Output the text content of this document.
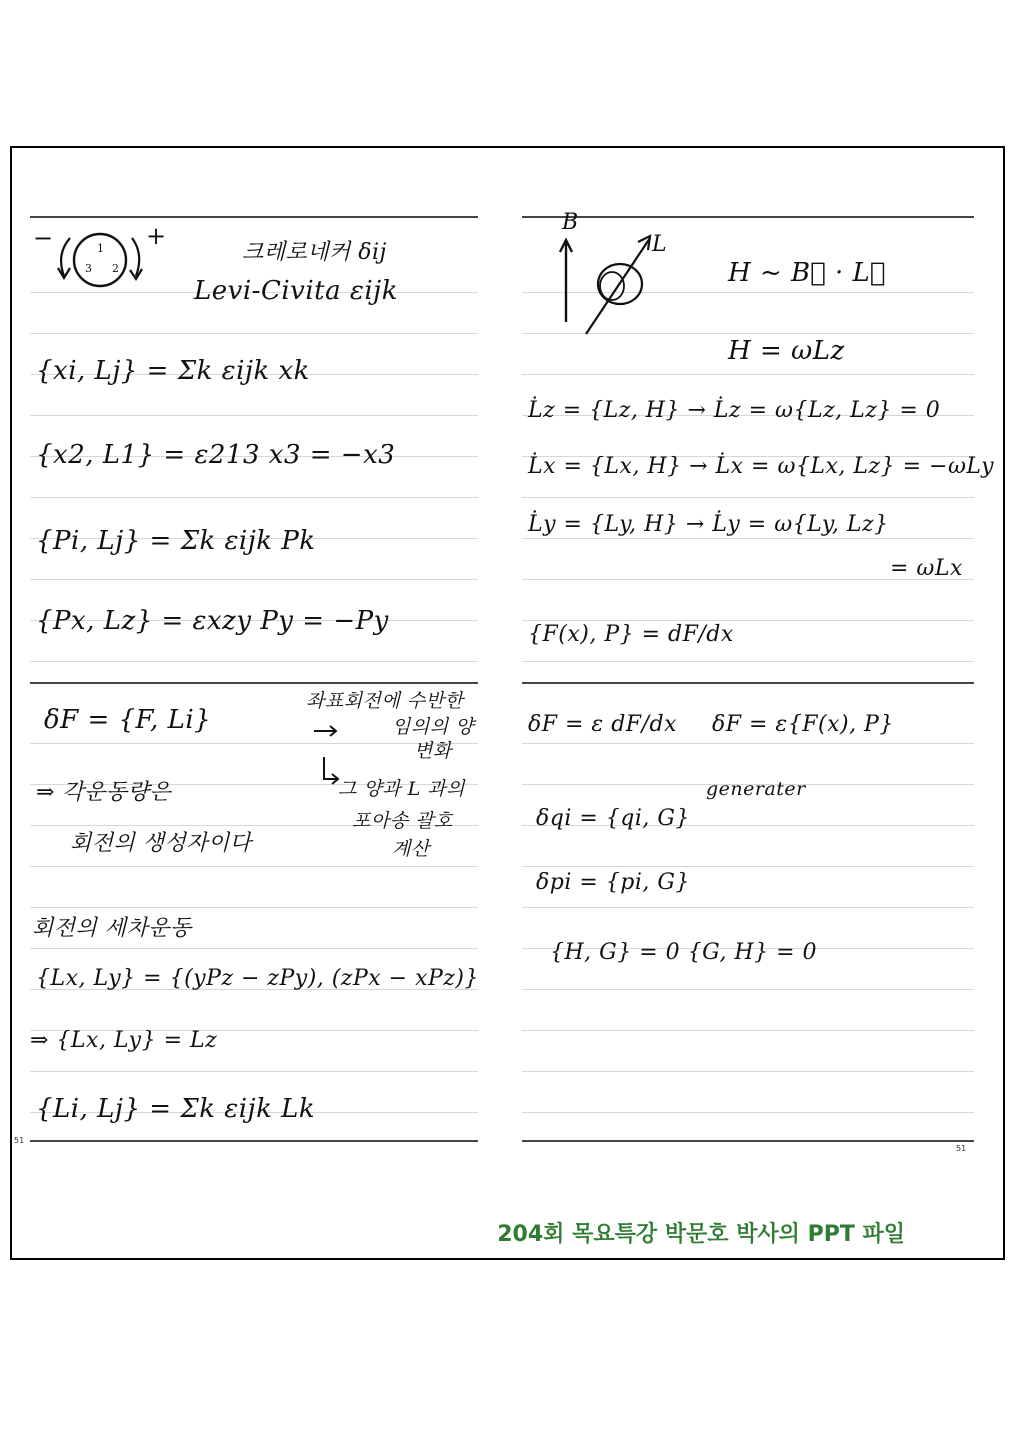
−	+
1
2
3
크레로네커 δij
Levi-Civita εijk
{xi, Lj} = Σk εijk xk
{x2, L1} = ε213 x3 = −x3
{Pi, Lj} = Σk εijk Pk
{Px, Lz} = εxzy Py = −Py
δF = {F, Li}
⇒ 각운동량은
회전의 생성자이다
좌표회전에 수반한
임의의 양
변화
그 양과 L 과의
포아송 괄호
계산
회전의 세차운동
{Lx, Ly} = {(yPz − zPy), (zPx − xPz)}
⇒ {Lx, Ly} = Lz
{Li, Lj} = Σk εijk Lk
51
B
L
H ~ B⃗ · L⃗
H = ωLz
L̇z = {Lz, H} → L̇z = ω{Lz, Lz} = 0
L̇x = {Lx, H} → L̇x = ω{Lx, Lz} = −ωLy
L̇y = {Ly, H} → L̇y = ω{Ly, Lz}
= ωLx
{F(x), P} = dF/dx
δF = ε dF/dx δF = ε{F(x), P}
generater
δqi = {qi, G}
δpi = {pi, G}
{H, G} = 0 {G, H} = 0
51
204회 목요특강 박문호 박사의 PPT 파일
